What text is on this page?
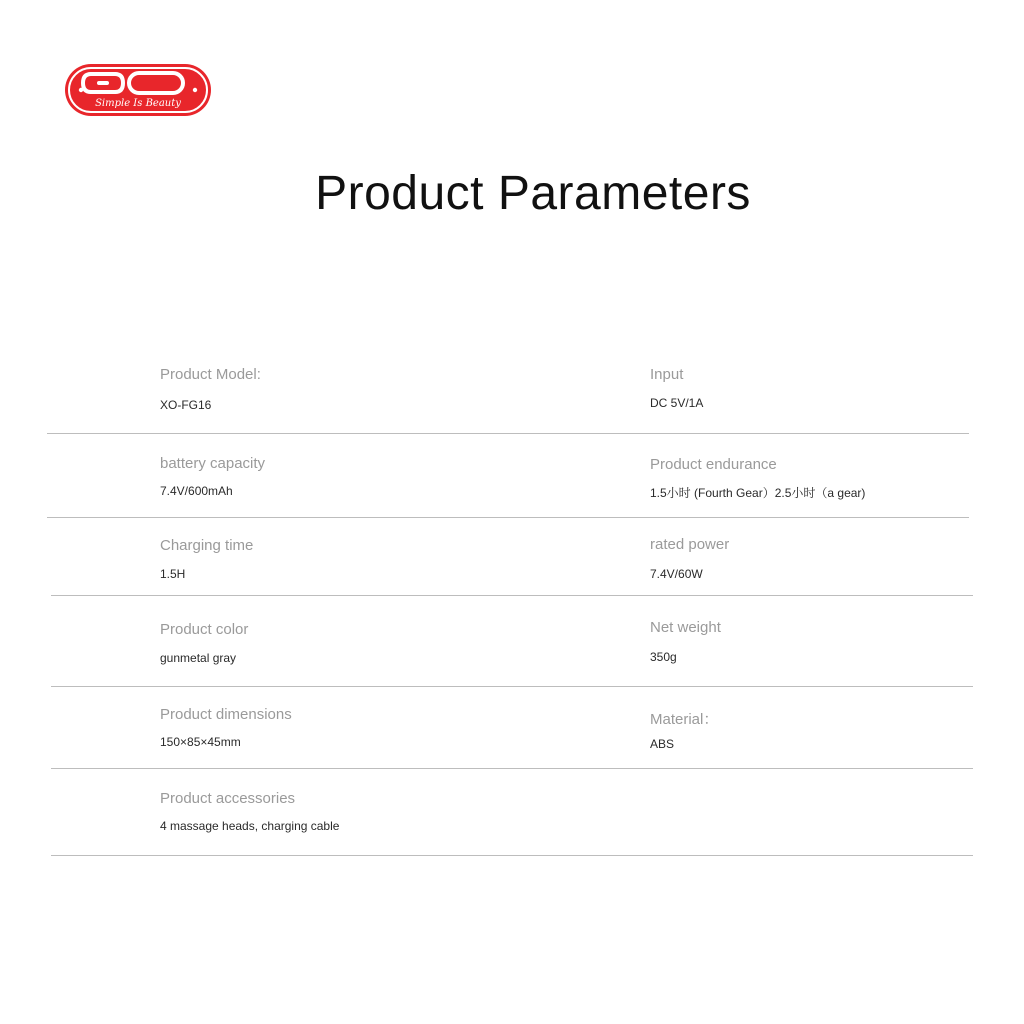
Simple Is Beauty
Product Parameters
Product Model:
XO-FG16
Input
DC 5V/1A
battery capacity
7.4V/600mAh
Product endurance
1.5小时 (Fourth Gear）2.5小时（a gear)
Charging time
1.5H
rated power
7.4V/60W
Product color
gunmetal gray
Net weight
350g
Product dimensions
150×85×45mm
Material：
ABS
Product accessories
4 massage heads, charging cable
